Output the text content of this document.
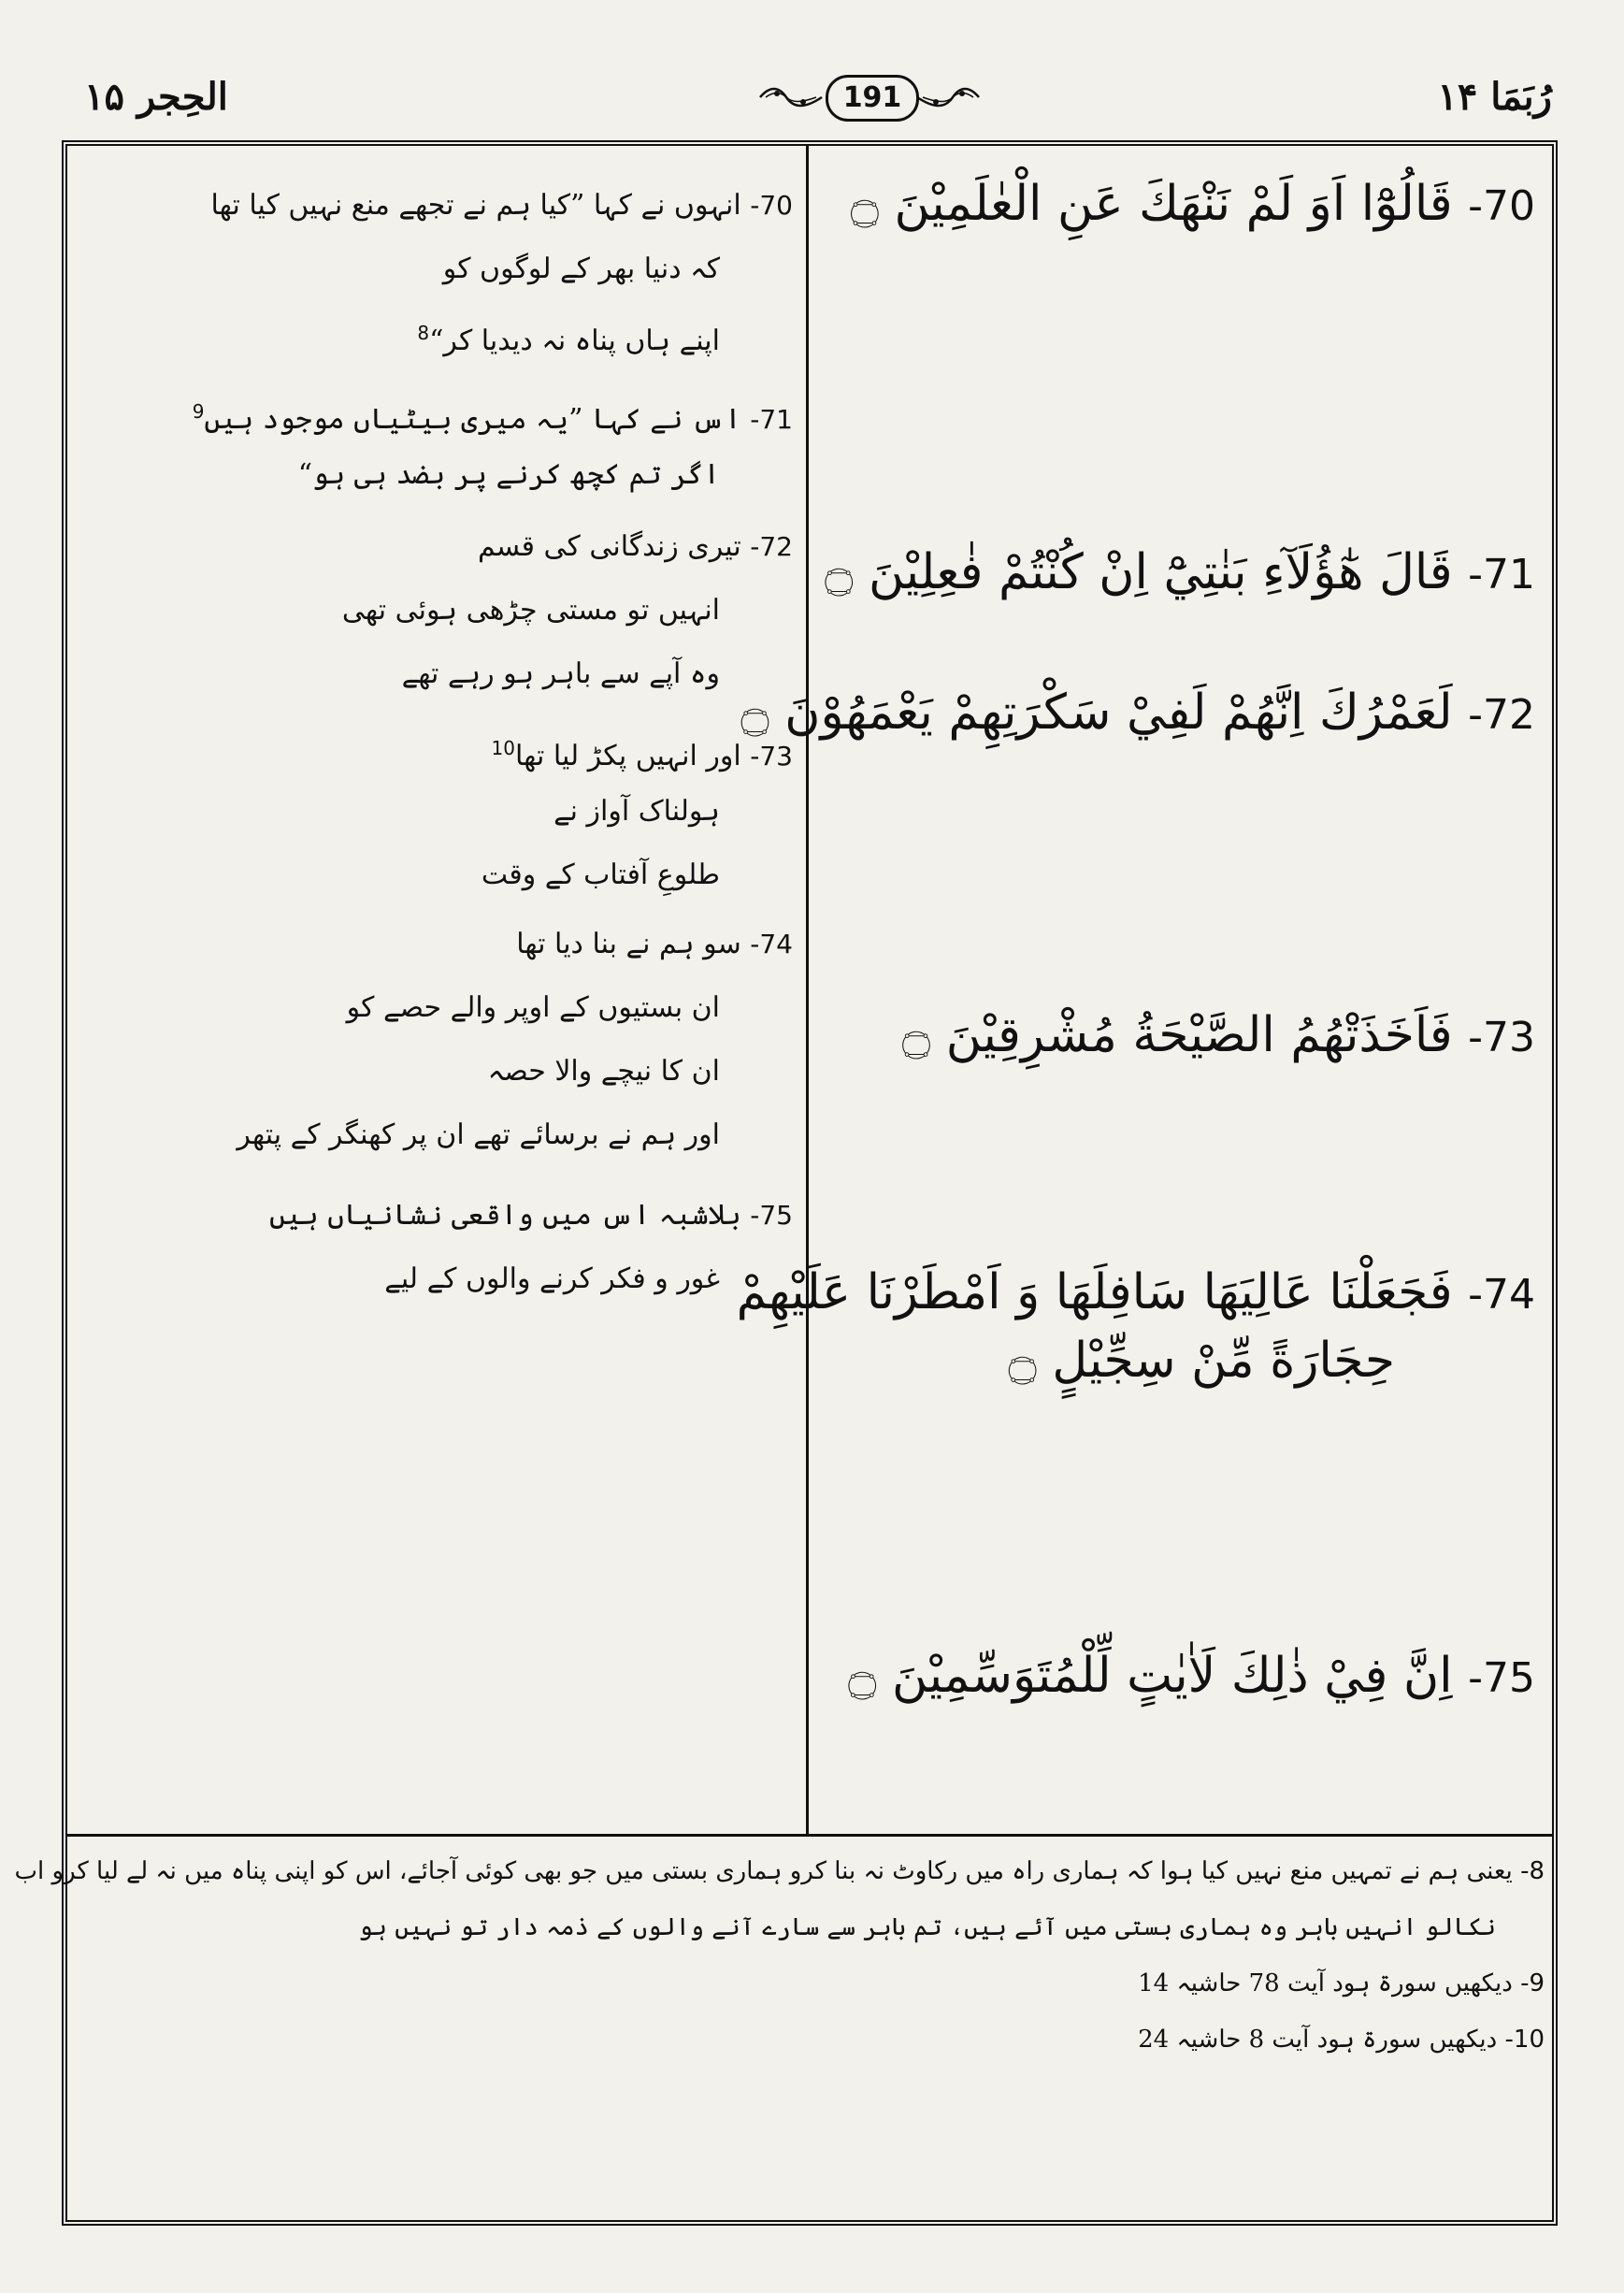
الحِجر ۱۵	191	رُبَمَا ۱۴
70- قَالُوْٓا اَوَ لَمْ نَنْهَكَ عَنِ الْعٰلَمِيْنَ ۝
71- قَالَ هٰٓؤُلَآءِ بَنٰتِيْٓ اِنْ كُنْتُمْ فٰعِلِيْنَ ۝
72- لَعَمْرُكَ اِنَّهُمْ لَفِيْ سَكْرَتِهِمْ يَعْمَهُوْنَ ۝
73- فَاَخَذَتْهُمُ الصَّيْحَةُ مُشْرِقِيْنَ ۝
74- فَجَعَلْنَا عَالِيَهَا سَافِلَهَا وَ اَمْطَرْنَا عَلَيْهِمْ
حِجَارَةً مِّنْ سِجِّيْلٍ ۝
75- اِنَّ فِيْ ذٰلِكَ لَاٰيٰتٍ لِّلْمُتَوَسِّمِيْنَ ۝
70- انہوں نے کہا ”کیا ہم نے تجھے منع نہیں کیا تھا
کہ دنیا بھر کے لوگوں کو
اپنے ہاں پناہ نہ دیدیا کر“$^8$
71- اس نے کہا ”یہ میری بیٹیاں موجود ہیں$^9$
اگر تم کچھ کرنے پر بضد ہی ہو“
72- تیری زندگانی کی قسم
انہیں تو مستی چڑھی ہوئی تھی
وہ آپے سے باہر ہو رہے تھے
73- اور انہیں پکڑ لیا تھا$^{10}$
ہولناک آواز نے
طلوعِ آفتاب کے وقت
74- سو ہم نے بنا دیا تھا
ان بستیوں کے اوپر والے حصے کو
ان کا نیچے والا حصہ
اور ہم نے برسائے تھے ان پر کھنگر کے پتھر
75- بلاشبہ اس میں واقعی نشانیاں ہیں
غور و فکر کرنے والوں کے لیے
8- یعنی ہم نے تمہیں منع نہیں کیا ہوا کہ ہماری راہ میں رکاوٹ نہ بنا کرو ہماری بستی میں جو بھی کوئی آجائے، اس کو اپنی پناہ میں نہ لے لیا کرو اب
نکالو انہیں باہر وہ ہماری بستی میں آئے ہیں، تم باہر سے سارے آنے والوں کے ذمہ دار تو نہیں ہو
9- دیکھیں سورۃ ہود آیت 78 حاشیہ 14
10- دیکھیں سورۃ ہود آیت 8 حاشیہ 24
